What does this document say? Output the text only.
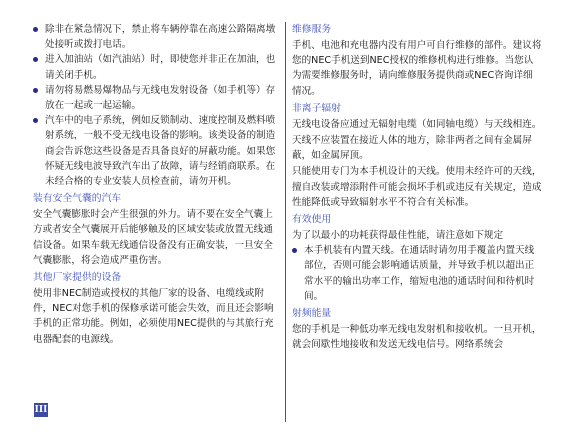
除非在紧急情况下，禁止将车辆停靠在高速公路隔离墩处接听或拨打电话。
进入加油站（如汽油站）时，即使您并非正在加油，也请关闭手机。
请勿将易燃易爆物品与无线电发射设备（如手机等）存放在一起或一起运输。
汽车中的电子系统，例如反锁制动、速度控制及燃料喷射系统，一般不受无线电设备的影响。该类设备的制造商会告诉您这些设备是否具备良好的屏蔽功能。如果您怀疑无线电波导致汽车出了故障，请与经销商联系。在未经合格的专业安装人员检查前，请勿开机。
装有安全气囊的汽车

安全气囊膨胀时会产生很强的外力。请不要在安全气囊上方或者安全气囊展开后能够触及的区域安装或放置无线通信设备。如果车载无线通信设备没有正确安装，一旦安全气囊膨胀，将会造成严重伤害。

其他厂家提供的设备

使用非NEC制造或授权的其他厂家的设备、电缆线或附件，NEC对您手机的保修承诺可能会失效，而且还会影响手机的正常功能。例如，必须使用NEC提供的与其旅行充电器配套的电源线。

维修服务

手机、电池和充电器内没有用户可自行维修的部件。建议将您的NEC手机送到NEC授权的维修机构进行维修。当您认为需要维修服务时，请向维修服务提供商或NEC咨询详细情况。

非离子辐射

无线电设备应通过无辐射电缆（如同轴电缆）与天线相连。

天线不应装置在接近人体的地方，除非两者之间有金属屏蔽，如金属屏顶。

只能使用专门为本手机设计的天线。使用未经许可的天线，擅自改装或增添附件可能会损坏手机或违反有关规定，造成性能降低或导致辐射水平不符合有关标准。

有效使用

为了以最小的功耗获得最佳性能，请注意如下规定

本手机装有内置天线。在通话时请勿用手覆盖内置天线部位，否则可能会影响通话质量，并导致手机以超出正常水平的输出功率工作，缩短电池的通话时间和待机时间。
射频能量

您的手机是一种低功率无线电发射机和接收机。一旦开机，就会间歇性地接收和发送无线电信号。网络系统会

III
